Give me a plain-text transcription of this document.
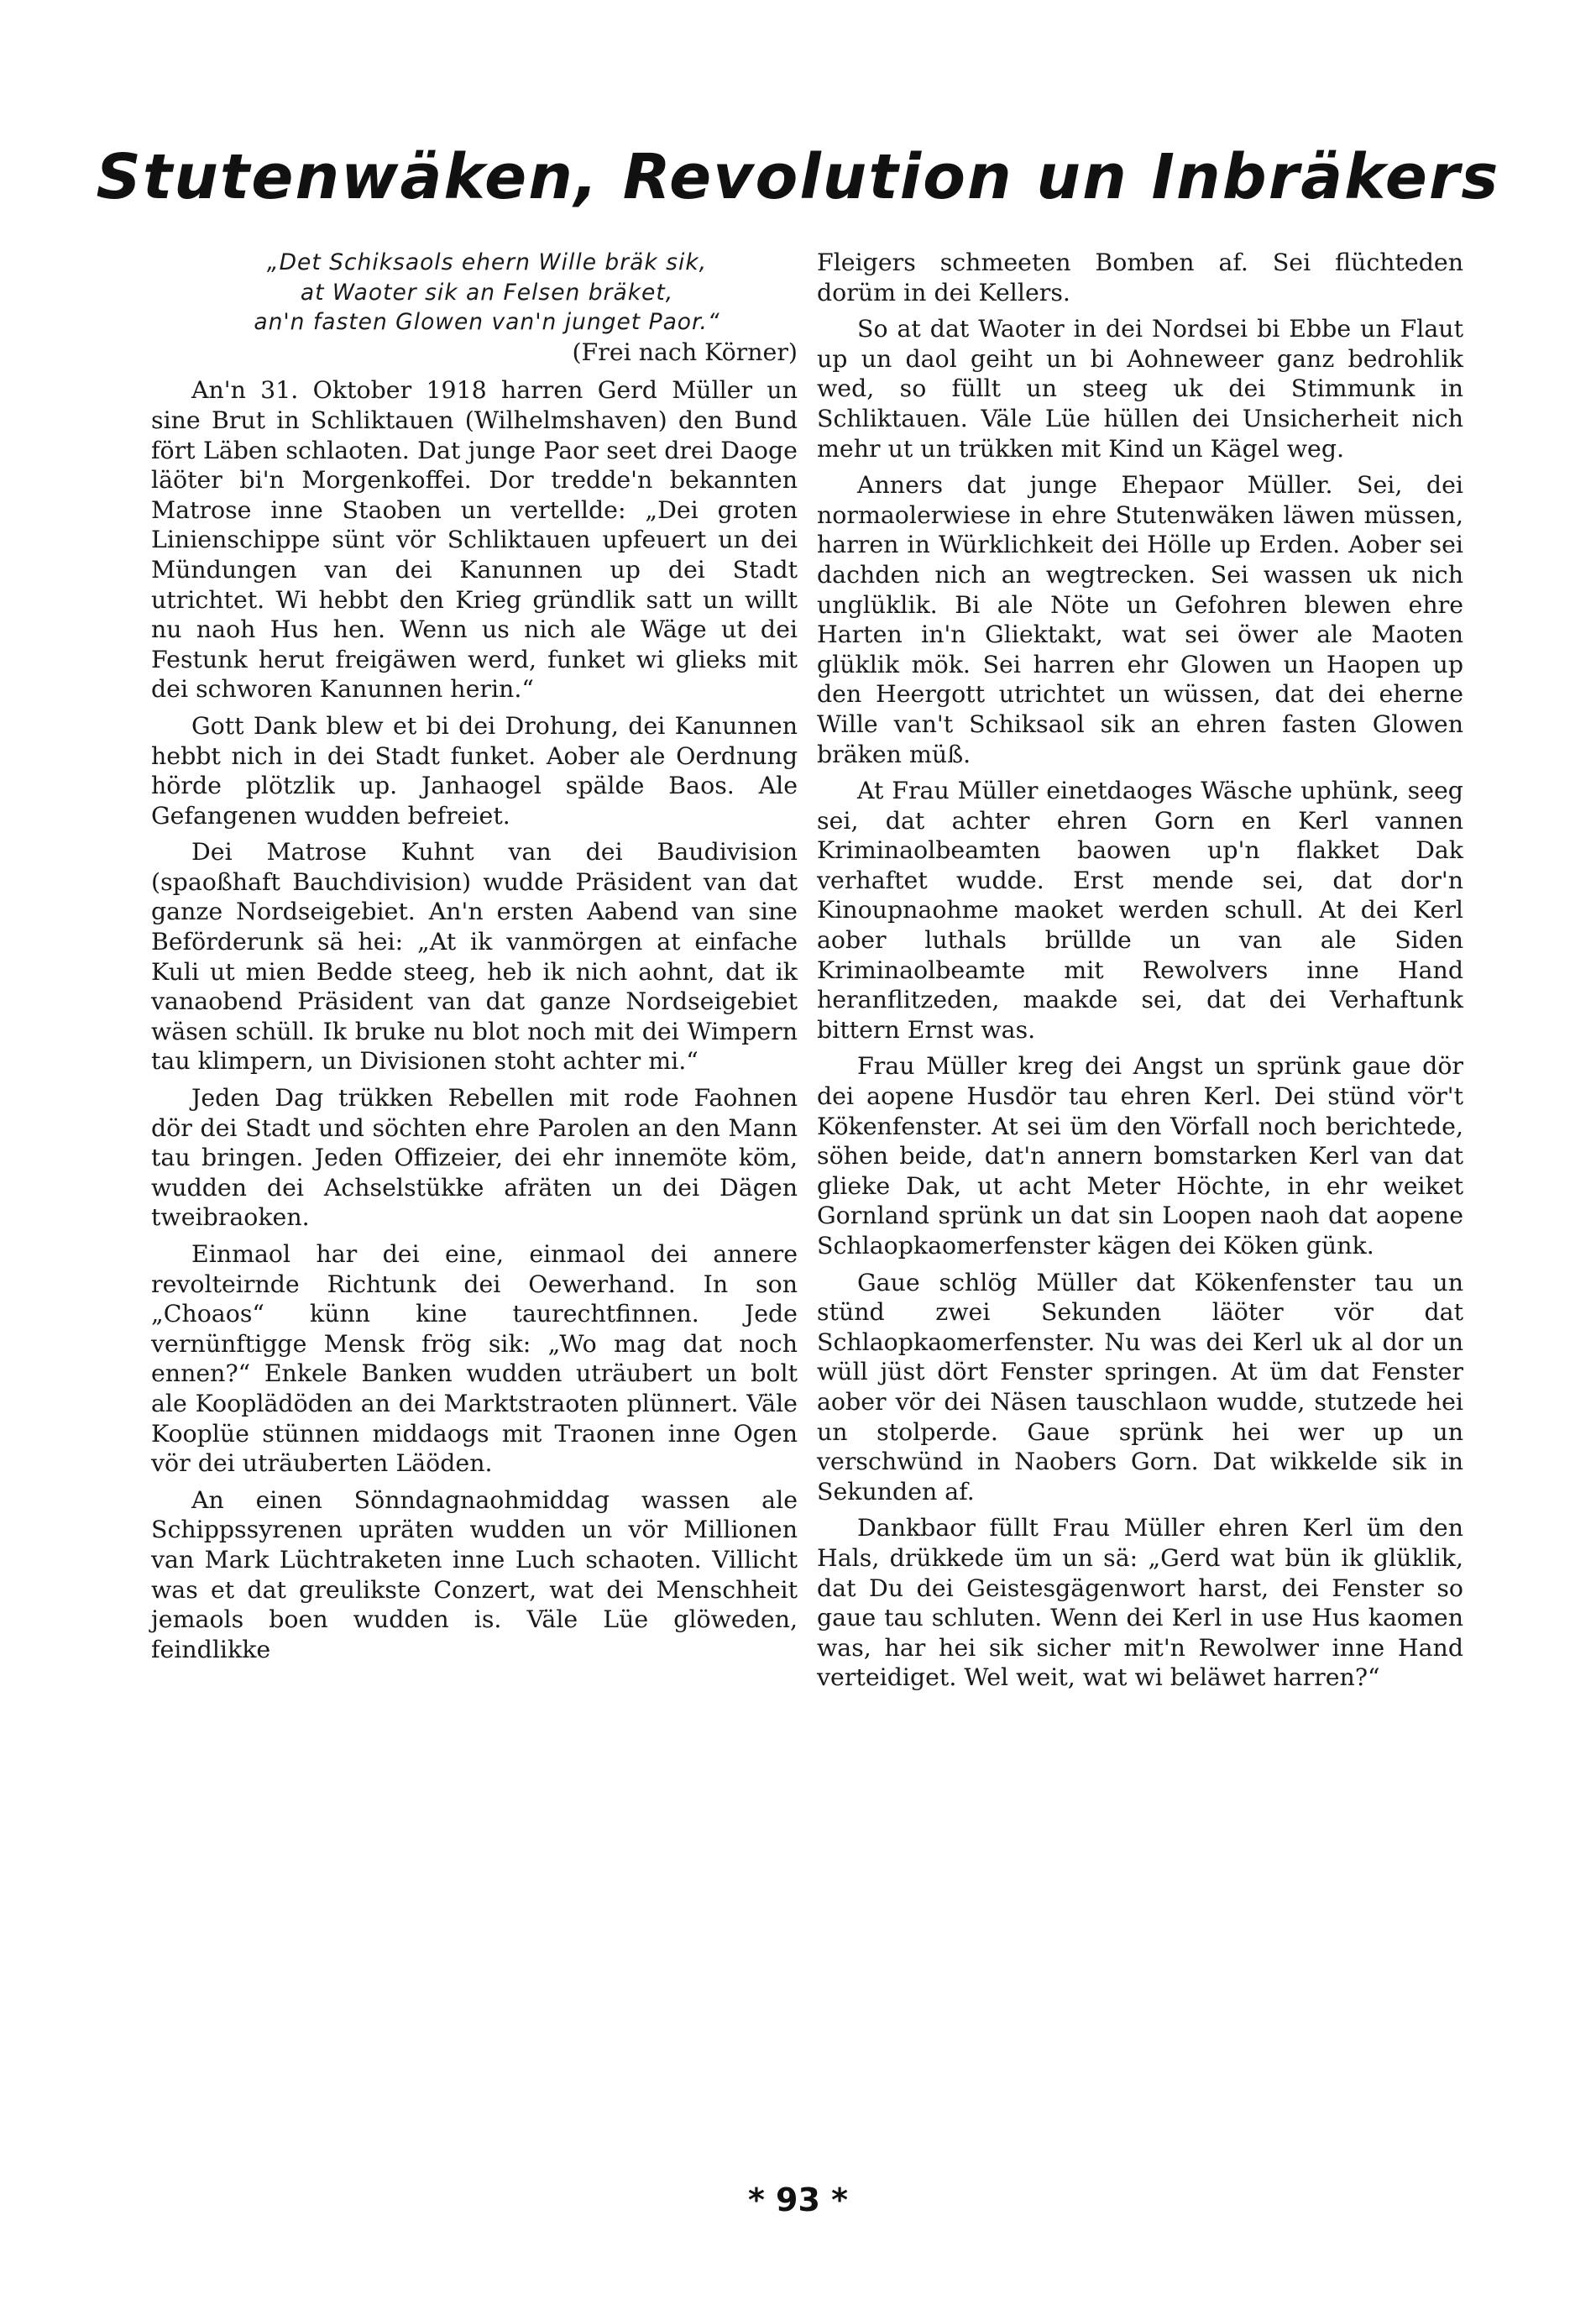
Stutenwäken, Revolution un Inbräkers
„Det Schiksaols ehern Wille bräk sik,
at Waoter sik an Felsen bräket,
an'n fasten Glowen van'n junget Paor.“
(Frei nach Körner)

An'n 31. Oktober 1918 harren Gerd Müller un sine Brut in Schliktauen (Wilhelmshaven) den Bund fört Läben schlaoten. Dat junge Paor seet drei Daoge läöter bi'n Morgenkoffei. Dor tredde'n bekannten Matrose inne Staoben un vertellde: „Dei groten Linienschippe sünt vör Schliktauen upfeuert un dei Mündungen van dei Kanunnen up dei Stadt utrichtet. Wi hebbt den Krieg gründlik satt un willt nu naoh Hus hen. Wenn us nich ale Wäge ut dei Festunk herut freigäwen werd, funket wi glieks mit dei schworen Kanunnen herin.“

Gott Dank blew et bi dei Drohung, dei Kanunnen hebbt nich in dei Stadt funket. Aober ale Oerdnung hörde plötzlik up. Janhaogel spälde Baos. Ale Gefangenen wudden befreiet.

Dei Matrose Kuhnt van dei Baudivision (spaoßhaft Bauchdivision) wudde Präsident van dat ganze Nordseigebiet. An'n ersten Aabend van sine Beförderunk sä hei: „At ik vanmörgen at einfache Kuli ut mien Bedde steeg, heb ik nich aohnt, dat ik vanaobend Präsident van dat ganze Nordseigebiet wäsen schüll. Ik bruke nu blot noch mit dei Wimpern tau klimpern, un Divisionen stoht achter mi.“

Jeden Dag trükken Rebellen mit rode Faohnen dör dei Stadt und söchten ehre Parolen an den Mann tau bringen. Jeden Offizeier, dei ehr innemöte köm, wudden dei Achselstükke afräten un dei Dägen tweibraoken.

Einmaol har dei eine, einmaol dei annere revolteirnde Richtunk dei Oewerhand. In son „Choaos“ künn kine taurechtfinnen. Jede vernünftigge Mensk frög sik: „Wo mag dat noch ennen?“ Enkele Banken wudden uträubert un bolt ale Kooplädöden an dei Marktstraoten plünnert. Väle Kooplüe stünnen middaogs mit Traonen inne Ogen vör dei uträuberten Läöden.

An einen Sönndagnaohmiddag wassen ale Schippssyrenen upräten wudden un vör Millionen van Mark Lüchtraketen inne Luch schaoten. Villicht was et dat greulikste Conzert, wat dei Menschheit jemaols boen wudden is. Väle Lüe glöweden, feindlikke

Fleigers schmeeten Bomben af. Sei flüchteden dorüm in dei Kellers.

So at dat Waoter in dei Nordsei bi Ebbe un Flaut up un daol geiht un bi Aohneweer ganz bedrohlik wed, so füllt un steeg uk dei Stimmunk in Schliktauen. Väle Lüe hüllen dei Unsicherheit nich mehr ut un trükken mit Kind un Kägel weg.

Anners dat junge Ehepaor Müller. Sei, dei normaolerwiese in ehre Stutenwäken läwen müssen, harren in Würklichkeit dei Hölle up Erden. Aober sei dachden nich an wegtrecken. Sei wassen uk nich unglüklik. Bi ale Nöte un Gefohren blewen ehre Harten in'n Gliektakt, wat sei öwer ale Maoten glüklik mök. Sei harren ehr Glowen un Haopen up den Heergott utrichtet un wüssen, dat dei eherne Wille van't Schiksaol sik an ehren fasten Glowen bräken müß.

At Frau Müller einetdaoges Wäsche uphünk, seeg sei, dat achter ehren Gorn en Kerl vannen Kriminaolbeamten baowen up'n flakket Dak verhaftet wudde. Erst mende sei, dat dor'n Kinoupnaohme maoket werden schull. At dei Kerl aober luthals brüllde un van ale Siden Kriminaolbeamte mit Rewolvers inne Hand heranflitzeden, maakde sei, dat dei Verhaftunk bittern Ernst was.

Frau Müller kreg dei Angst un sprünk gaue dör dei aopene Husdör tau ehren Kerl. Dei stünd vör't Kökenfenster. At sei üm den Vörfall noch berichtede, söhen beide, dat'n annern bomstarken Kerl van dat glieke Dak, ut acht Meter Höchte, in ehr weiket Gornland sprünk un dat sin Loopen naoh dat aopene Schlaopkaomerfenster kägen dei Köken günk.

Gaue schlög Müller dat Kökenfenster tau un stünd zwei Sekunden läöter vör dat Schlaopkaomerfenster. Nu was dei Kerl uk al dor un wüll jüst dört Fenster springen. At üm dat Fenster aober vör dei Näsen tauschlaon wudde, stutzede hei un stolperde. Gaue sprünk hei wer up un verschwünd in Naobers Gorn. Dat wikkelde sik in Sekunden af.

Dankbaor füllt Frau Müller ehren Kerl üm den Hals, drükkede üm un sä: „Gerd wat bün ik glüklik, dat Du dei Geistesgägenwort harst, dei Fenster so gaue tau schluten. Wenn dei Kerl in use Hus kaomen was, har hei sik sicher mit'n Rewolwer inne Hand verteidiget. Wel weit, wat wi beläwet harren?“

* 93 *
